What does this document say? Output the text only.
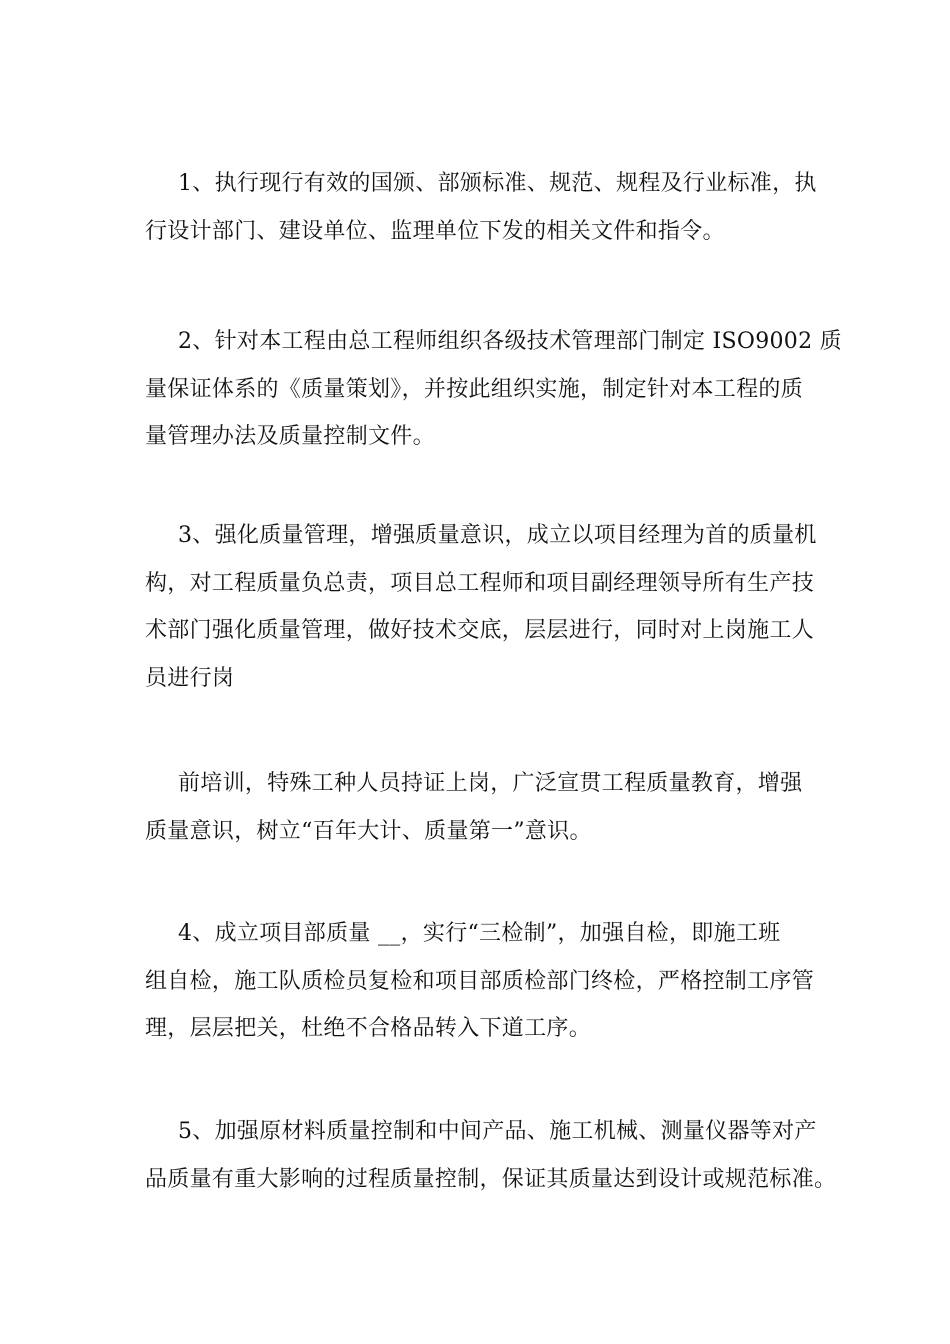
1、执行现行有效的国颁、部颁标准、规范、规程及行业标准，执
行设计部门、建设单位、监理单位下发的相关文件和指令。
2、针对本工程由总工程师组织各级技术管理部门制定 ISO9002 质
量保证体系的《质量策划》，并按此组织实施，制定针对本工程的质
量管理办法及质量控制文件。
3、强化质量管理，增强质量意识，成立以项目经理为首的质量机
构，对工程质量负总责，项目总工程师和项目副经理领导所有生产技
术部门强化质量管理，做好技术交底，层层进行，同时对上岗施工人
员进行岗
前培训，特殊工种人员持证上岗，广泛宣贯工程质量教育，增强
质量意识，树立“百年大计、质量第一”意识。
4、成立项目部质量 __，实行“三检制”，加强自检，即施工班
组自检，施工队质检员复检和项目部质检部门终检，严格控制工序管
理，层层把关，杜绝不合格品转入下道工序。
5、加强原材料质量控制和中间产品、施工机械、测量仪器等对产
品质量有重大影响的过程质量控制，保证其质量达到设计或规范标准。
